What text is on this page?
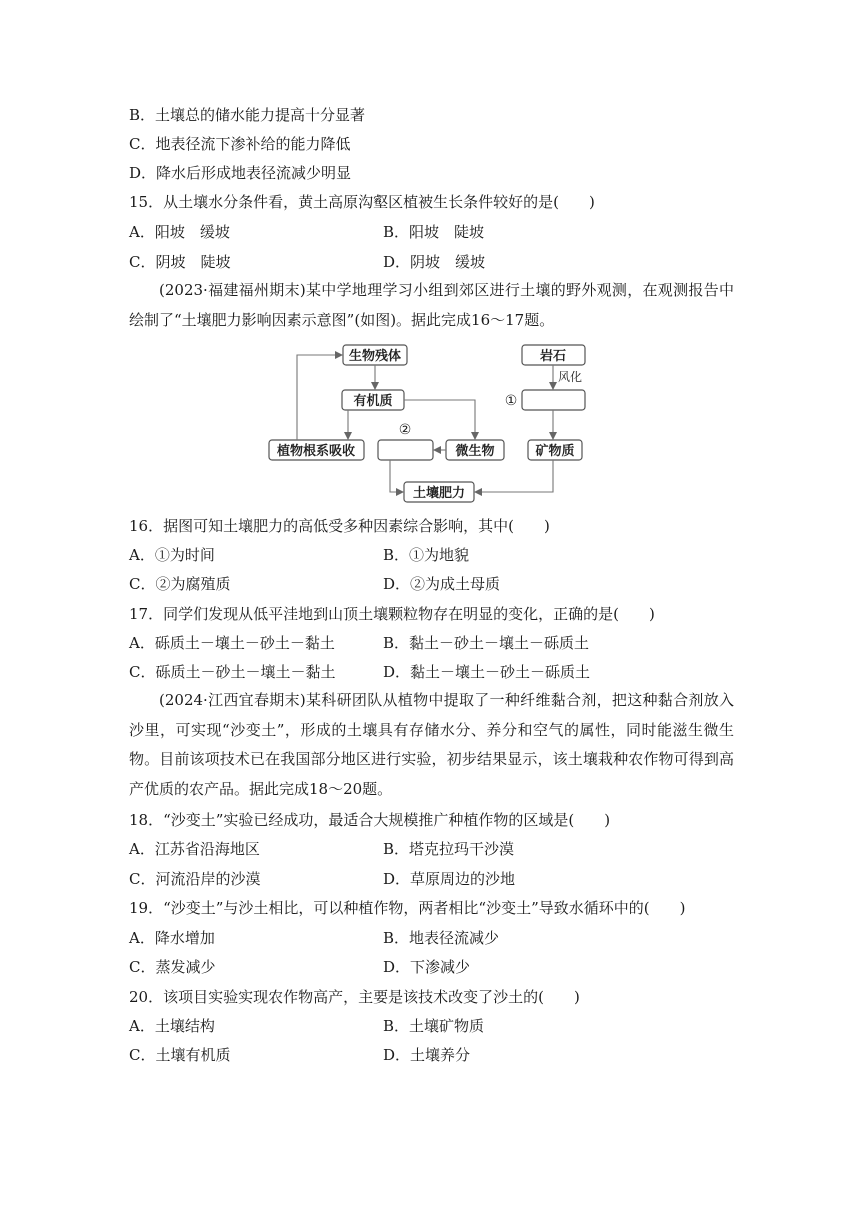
B．土壤总的储水能力提高十分显著
C．地表径流下渗补给的能力降低
D．降水后形成地表径流减少明显
15．从土壤水分条件看，黄土高原沟壑区植被生长条件较好的是(　　)
A．阳坡　缓坡	B．阳坡　陡坡
C．阴坡　陡坡	D．阴坡　缓坡
(2023·福建福州期末)某中学地理学习小组到郊区进行土壤的野外观测，在观测报告中绘制了“土壤肥力影响因素示意图”(如图)。据此完成16～17题。
生物残体
有机质
植物根系吸收
②
微生物
岩石
风化
①
矿物质
土壤肥力
16．据图可知土壤肥力的高低受多种因素综合影响，其中(　　)
A．①为时间	B．①为地貌
C．②为腐殖质	D．②为成土母质
17．同学们发现从低平洼地到山顶土壤颗粒物存在明显的变化，正确的是(　　)
A．砾质土－壤土－砂土－黏土	B．黏土－砂土－壤土－砾质土
C．砾质土－砂土－壤土－黏土	D．黏土－壤土－砂土－砾质土
(2024·江西宜春期末)某科研团队从植物中提取了一种纤维黏合剂，把这种黏合剂放入沙里，可实现“沙变土”，形成的土壤具有存储水分、养分和空气的属性，同时能滋生微生物。目前该项技术已在我国部分地区进行实验，初步结果显示，该土壤栽种农作物可得到高产优质的农产品。据此完成18～20题。
18．“沙变土”实验已经成功，最适合大规模推广种植作物的区域是(　　)
A．江苏省沿海地区	B．塔克拉玛干沙漠
C．河流沿岸的沙漠	D．草原周边的沙地
19．“沙变土”与沙土相比，可以种植作物，两者相比“沙变土”导致水循环中的(　　)
A．降水增加	B．地表径流减少
C．蒸发减少	D．下渗减少
20．该项目实验实现农作物高产，主要是该技术改变了沙土的(　　)
A．土壤结构	B．土壤矿物质
C．土壤有机质	D．土壤养分
